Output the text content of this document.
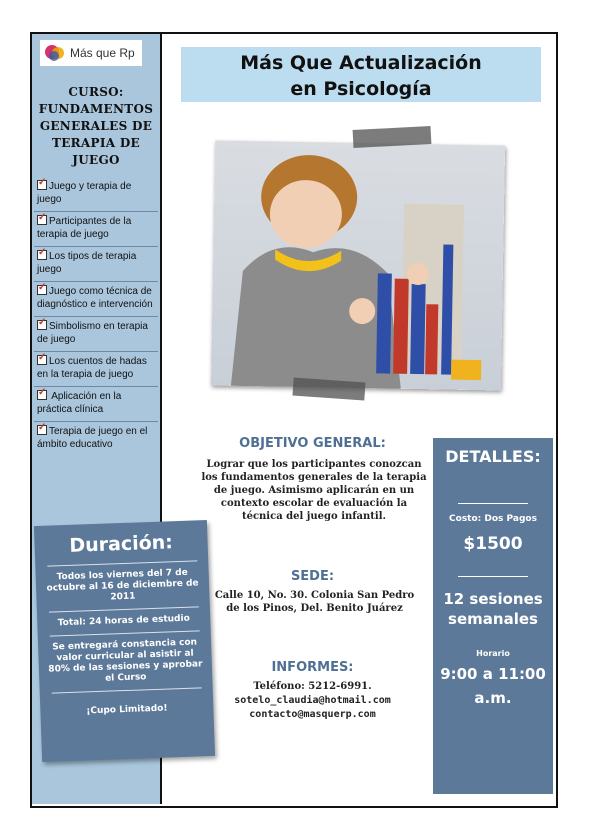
Más que Rp
CURSO:
FUNDAMENTOS
GENERALES DE
TERAPIA DE
JUEGO
✓Juego y terapia de juego
✓Participantes de la terapia de juego
✓Los tipos de terapia juego
✓Juego como técnica de diagnóstico e intervención
✓Simbolismo en terapia de juego
✓Los cuentos de hadas en la terapia de juego
✓ Aplicación en la práctica clínica
✓Terapia de juego en el ámbito educativo
Duración:

Todos los viernes del 7 de octubre al 16 de diciembre de 2011

Total: 24 horas de estudio

Se entregará constancia con valor curricular al asistir al 80% de las sesiones y aprobar el Curso

¡Cupo Limitado!

Más Que Actualización
en Psicología
OBJETIVO GENERAL:
Lograr que los participantes conozcan los fundamentos generales de la terapia de juego. Asimismo aplicarán en un contexto escolar de evaluación la técnica del juego infantil.
SEDE:
Calle 10, No. 30. Colonia San Pedro de los Pinos, Del. Benito Juárez
INFORMES:
Teléfono: 5212-6991.
sotelo_claudia@hotmail.com
contacto@masquerp.com
DETALLES:
Costo: Dos Pagos
$1500
12 sesiones semanales
Horario
9:00 a 11:00 a.m.
